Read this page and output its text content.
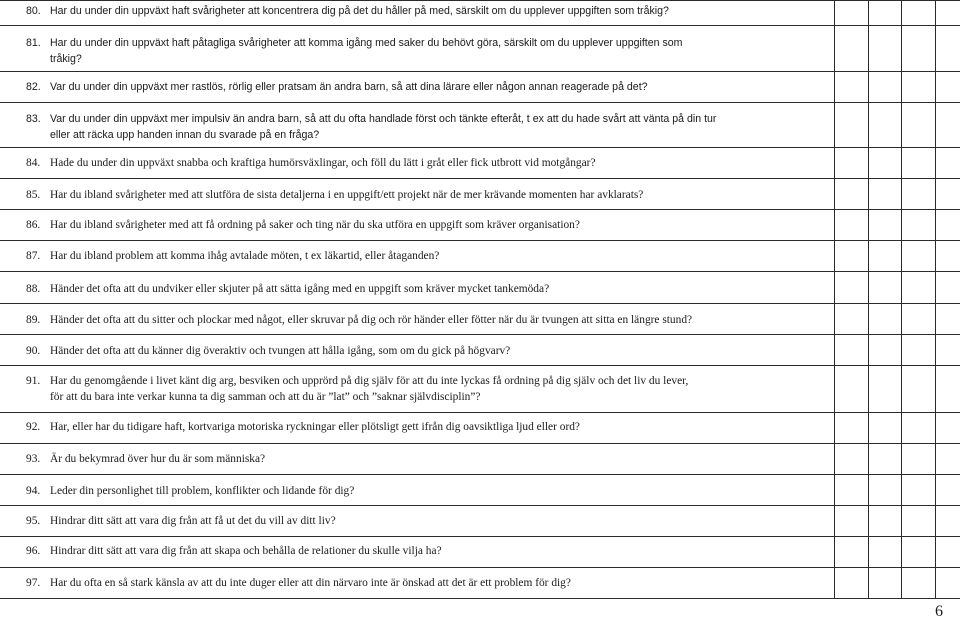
80. Har du under din uppväxt haft svårigheter att koncentrera dig på det du håller på med, särskilt om du upplever uppgiften som tråkig?
81. Har du under din uppväxt haft påtagliga svårigheter att komma igång med saker du behövt göra, särskilt om du upplever uppgiften som
tråkig?
82. Var du under din uppväxt mer rastlös, rörlig eller pratsam än andra barn, så att dina lärare eller någon annan reagerade på det?
83. Var du under din uppväxt mer impulsiv än andra barn, så att du ofta handlade först och tänkte efteråt, t ex att du hade svårt att vänta på din tur
eller att räcka upp handen innan du svarade på en fråga?
84. Hade du under din uppväxt snabba och kraftiga humörsväxlingar, och föll du lätt i gråt eller fick utbrott vid motgångar?
85. Har du ibland svårigheter med att slutföra de sista detaljerna i en uppgift/ett projekt när de mer krävande momenten har avklarats?
86. Har du ibland svårigheter med att få ordning på saker och ting när du ska utföra en uppgift som kräver organisation?
87. Har du ibland problem att komma ihåg avtalade möten, t ex läkartid, eller åtaganden?
88. Händer det ofta att du undviker eller skjuter på att sätta igång med en uppgift som kräver mycket tankemöda?
89. Händer det ofta att du sitter och plockar med något, eller skruvar på dig och rör händer eller fötter när du är tvungen att sitta en längre stund?
90. Händer det ofta att du känner dig överaktiv och tvungen att hålla igång, som om du gick på högvarv?
91. Har du genomgående i livet känt dig arg, besviken och upprörd på dig själv för att du inte lyckas få ordning på dig själv och det liv du lever,
för att du bara inte verkar kunna ta dig samman och att du är ”lat” och ”saknar självdisciplin”?
92. Har, eller har du tidigare haft, kortvariga motoriska ryckningar eller plötsligt gett ifrån dig oavsiktliga ljud eller ord?
93. Är du bekymrad över hur du är som människa?
94. Leder din personlighet till problem, konflikter och lidande för dig?
95. Hindrar ditt sätt att vara dig från att få ut det du vill av ditt liv?
96. Hindrar ditt sätt att vara dig från att skapa och behålla de relationer du skulle vilja ha?
97. Har du ofta en så stark känsla av att du inte duger eller att din närvaro inte är önskad att det är ett problem för dig?
6
